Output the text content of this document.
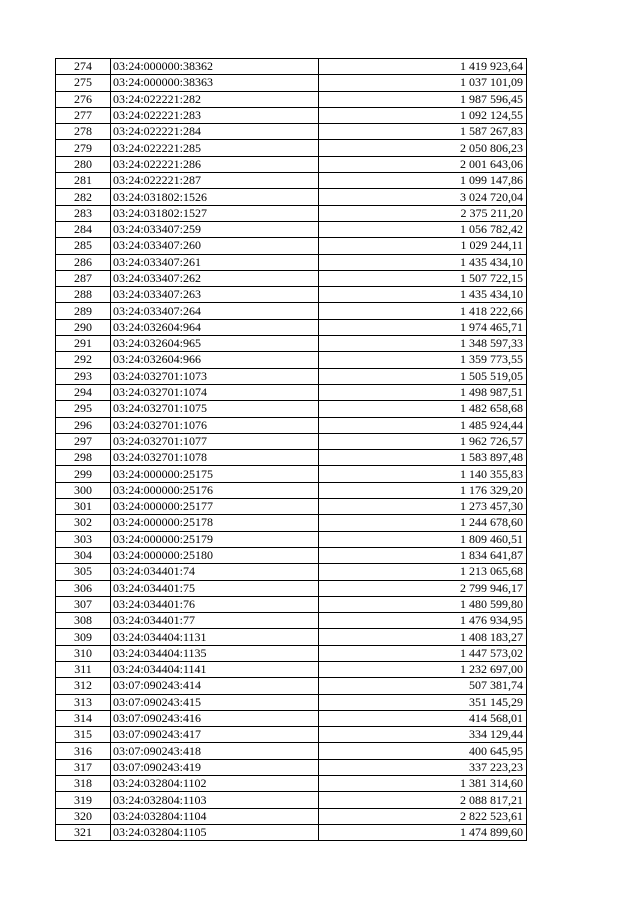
274	03:24:000000:38362	1 419 923,64
275	03:24:000000:38363	1 037 101,09
276	03:24:022221:282	1 987 596,45
277	03:24:022221:283	1 092 124,55
278	03:24:022221:284	1 587 267,83
279	03:24:022221:285	2 050 806,23
280	03:24:022221:286	2 001 643,06
281	03:24:022221:287	1 099 147,86
282	03:24:031802:1526	3 024 720,04
283	03:24:031802:1527	2 375 211,20
284	03:24:033407:259	1 056 782,42
285	03:24:033407:260	1 029 244,11
286	03:24:033407:261	1 435 434,10
287	03:24:033407:262	1 507 722,15
288	03:24:033407:263	1 435 434,10
289	03:24:033407:264	1 418 222,66
290	03:24:032604:964	1 974 465,71
291	03:24:032604:965	1 348 597,33
292	03:24:032604:966	1 359 773,55
293	03:24:032701:1073	1 505 519,05
294	03:24:032701:1074	1 498 987,51
295	03:24:032701:1075	1 482 658,68
296	03:24:032701:1076	1 485 924,44
297	03:24:032701:1077	1 962 726,57
298	03:24:032701:1078	1 583 897,48
299	03:24:000000:25175	1 140 355,83
300	03:24:000000:25176	1 176 329,20
301	03:24:000000:25177	1 273 457,30
302	03:24:000000:25178	1 244 678,60
303	03:24:000000:25179	1 809 460,51
304	03:24:000000:25180	1 834 641,87
305	03:24:034401:74	1 213 065,68
306	03:24:034401:75	2 799 946,17
307	03:24:034401:76	1 480 599,80
308	03:24:034401:77	1 476 934,95
309	03:24:034404:1131	1 408 183,27
310	03:24:034404:1135	1 447 573,02
311	03:24:034404:1141	1 232 697,00
312	03:07:090243:414	507 381,74
313	03:07:090243:415	351 145,29
314	03:07:090243:416	414 568,01
315	03:07:090243:417	334 129,44
316	03:07:090243:418	400 645,95
317	03:07:090243:419	337 223,23
318	03:24:032804:1102	1 381 314,60
319	03:24:032804:1103	2 088 817,21
320	03:24:032804:1104	2 822 523,61
321	03:24:032804:1105	1 474 899,60
